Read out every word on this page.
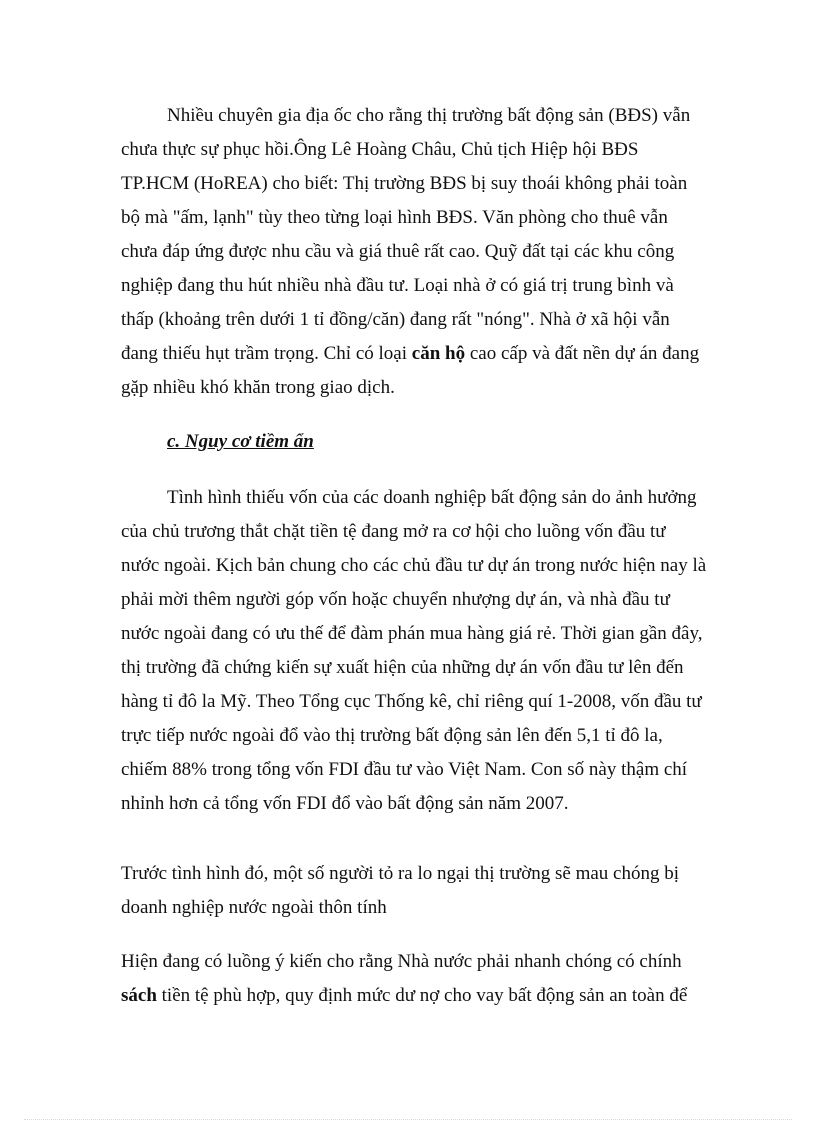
Nhiều chuyên gia địa ốc cho rằng thị trường bất động sản (BĐS) vẫn

chưa thực sự phục hồi.Ông Lê Hoàng Châu, Chủ tịch Hiệp hội BĐS

TP.HCM (HoREA) cho biết: Thị trường BĐS bị suy thoái không phải toàn

bộ mà "ấm, lạnh" tùy theo từng loại hình BĐS. Văn phòng cho thuê vẫn

chưa đáp ứng được nhu cầu và giá thuê rất cao. Quỹ đất tại các khu công

nghiệp đang thu hút nhiều nhà đầu tư. Loại nhà ở có giá trị trung bình và

thấp (khoảng trên dưới 1 tỉ đồng/căn) đang rất "nóng". Nhà ở xã hội vẫn

đang thiếu hụt trầm trọng. Chỉ có loại căn hộ cao cấp và đất nền dự án đang

gặp nhiều khó khăn trong giao dịch.

c. Nguy cơ tiềm ẩn

Tình hình thiếu vốn của các doanh nghiệp bất động sản do ảnh hưởng

của chủ trương thắt chặt tiền tệ đang mở ra cơ hội cho luồng vốn đầu tư

nước ngoài. Kịch bản chung cho các chủ đầu tư dự án trong nước hiện nay là

phải mời thêm người góp vốn hoặc chuyển nhượng dự án, và nhà đầu tư

nước ngoài đang có ưu thế để đàm phán mua hàng giá rẻ. Thời gian gần đây,

thị trường đã chứng kiến sự xuất hiện của những dự án vốn đầu tư lên đến

hàng tỉ đô la Mỹ. Theo Tổng cục Thống kê, chỉ riêng quí 1-2008, vốn đầu tư

trực tiếp nước ngoài đổ vào thị trường bất động sản lên đến 5,1 tỉ đô la,

chiếm 88% trong tổng vốn FDI đầu tư vào Việt Nam. Con số này thậm chí

nhỉnh hơn cả tổng vốn FDI đổ vào bất động sản năm 2007.

Trước tình hình đó, một số người tỏ ra lo ngại thị trường sẽ mau chóng bị

doanh nghiệp nước ngoài thôn tính

Hiện đang có luồng ý kiến cho rằng Nhà nước phải nhanh chóng có chính

sách tiền tệ phù hợp, quy định mức dư nợ cho vay bất động sản an toàn để
